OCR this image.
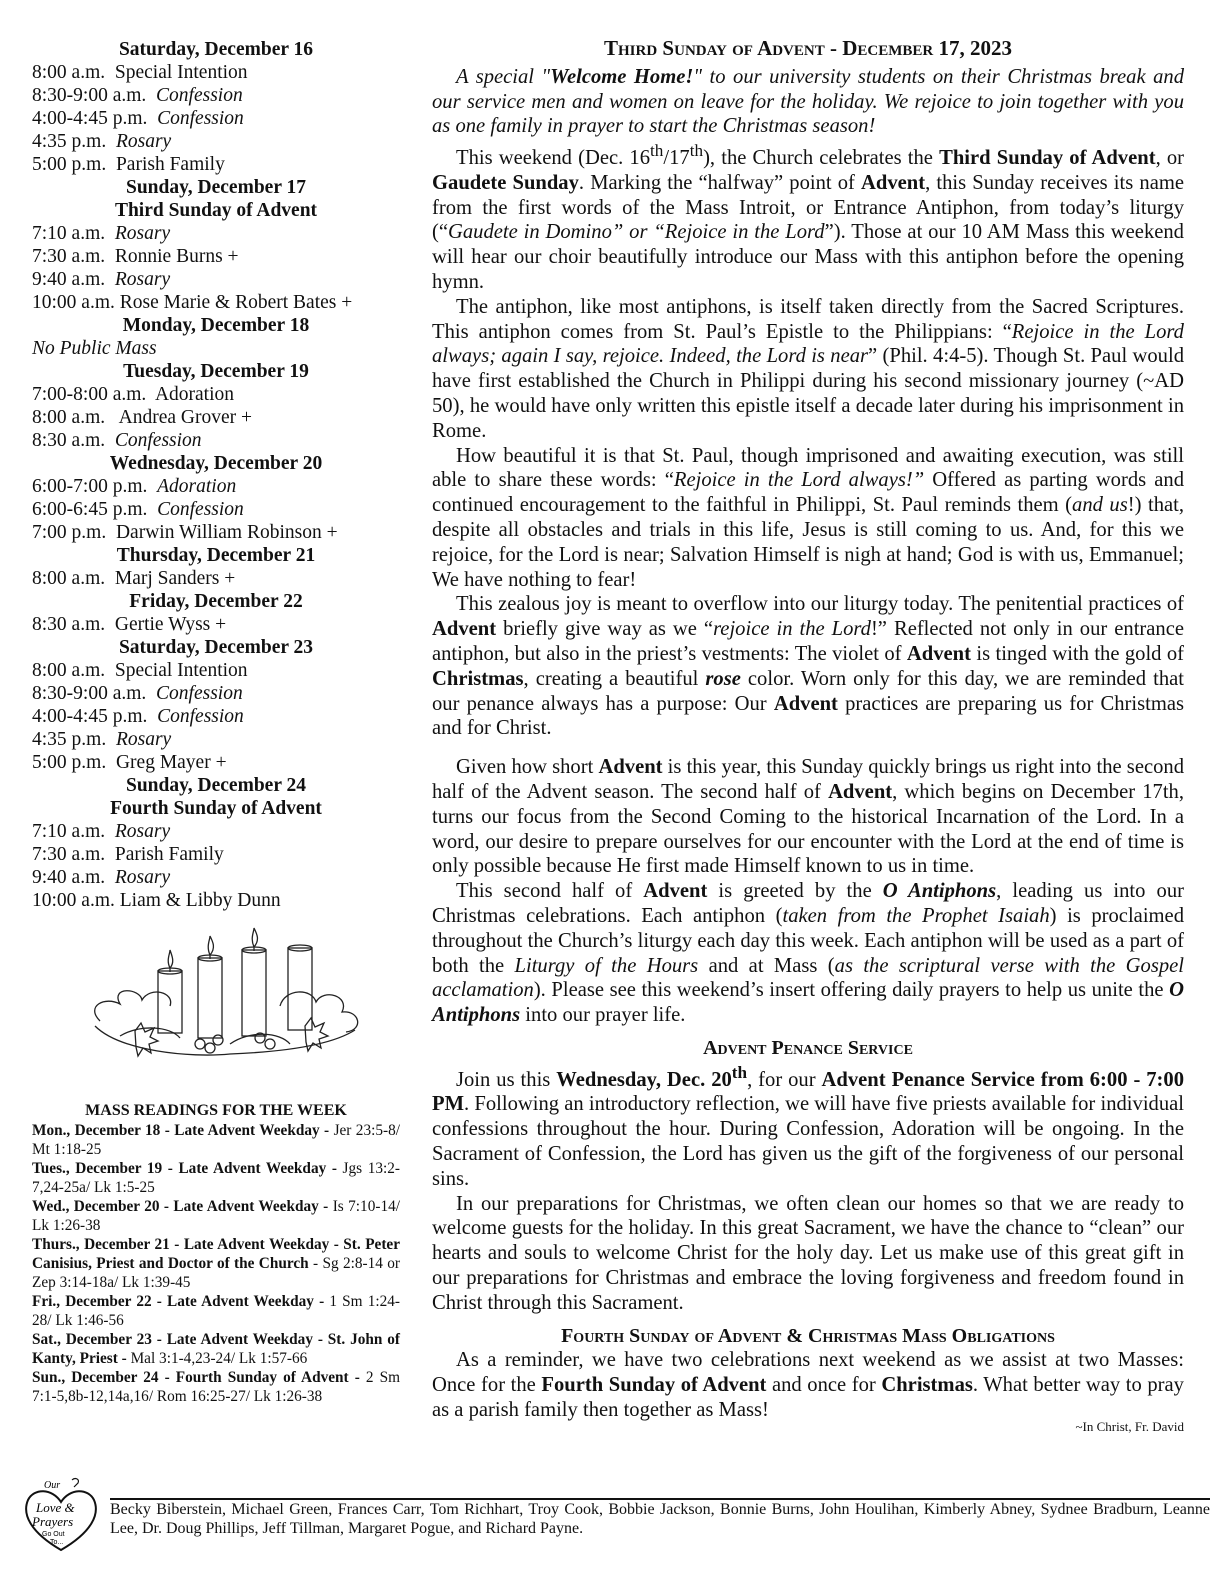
Saturday, December 16
8:00 a.m.  Special Intention
8:30-9:00 a.m.  Confession
4:00-4:45 p.m.  Confession
4:35 p.m.  Rosary
5:00 p.m.  Parish Family
Sunday, December 17
Third Sunday of Advent
7:10 a.m.  Rosary
7:30 a.m.  Ronnie Burns +
9:40 a.m.  Rosary
10:00 a.m. Rose Marie & Robert Bates +
Monday, December 18
No Public Mass
Tuesday, December 19
7:00-8:00 a.m.  Adoration
8:00 a.m.   Andrea Grover +
8:30 a.m.  Confession
Wednesday, December 20
6:00-7:00 p.m.  Adoration
6:00-6:45 p.m.  Confession
7:00 p.m.  Darwin William Robinson +
Thursday, December 21
8:00 a.m.  Marj Sanders +
Friday, December 22
8:30 a.m.  Gertie Wyss +
Saturday, December 23
8:00 a.m.  Special Intention
8:30-9:00 a.m.  Confession
4:00-4:45 p.m.  Confession
4:35 p.m.  Rosary
5:00 p.m.  Greg Mayer +
Sunday, December 24
Fourth Sunday of Advent
7:10 a.m.  Rosary
7:30 a.m.  Parish Family
9:40 a.m.  Rosary
10:00 a.m. Liam & Libby Dunn
MASS READINGS FOR THE WEEK
Mon., December 18 - Late Advent Weekday - Jer 23:5-8/ Mt 1:18-25
Tues., December 19 - Late Advent Weekday - Jgs 13:2-7,24-25a/ Lk 1:5-25
Wed., December 20 - Late Advent Weekday - Is 7:10-14/ Lk 1:26-38
Thurs., December 21 - Late Advent Weekday - St. Peter Canisius, Priest and Doctor of the Church - Sg 2:8-14 or Zep 3:14-18a/ Lk 1:39-45
Fri., December 22 - Late Advent Weekday - 1 Sm 1:24-28/ Lk 1:46-56
Sat., December 23 - Late Advent Weekday - St. John of Kanty, Priest - Mal 3:1-4,23-24/ Lk 1:57-66
Sun., December 24 - Fourth Sunday of Advent - 2 Sm 7:1-5,8b-12,14a,16/ Rom 16:25-27/ Lk 1:26-38
Third Sunday of Advent - December 17, 2023

A special "Welcome Home!" to our university students on their Christmas break and our service men and women on leave for the holiday. We rejoice to join together with you as one family in prayer to start the Christmas season!

This weekend (Dec. 16th/17th), the Church celebrates the Third Sunday of Advent, or Gaudete Sunday. Marking the “halfway” point of Advent, this Sunday receives its name from the first words of the Mass Introit, or Entrance Antiphon, from today’s liturgy (“Gaudete in Domino” or “Rejoice in the Lord”). Those at our 10 AM Mass this weekend will hear our choir beautifully introduce our Mass with this antiphon before the opening hymn.

The antiphon, like most antiphons, is itself taken directly from the Sacred Scriptures. This antiphon comes from St. Paul’s Epistle to the Philippians: “Rejoice in the Lord always; again I say, rejoice. Indeed, the Lord is near” (Phil. 4:4-5). Though St. Paul would have first established the Church in Philippi during his second missionary journey (~AD 50), he would have only written this epistle itself a decade later during his imprisonment in Rome.

How beautiful it is that St. Paul, though imprisoned and awaiting execution, was still able to share these words: “Rejoice in the Lord always!” Offered as parting words and continued encouragement to the faithful in Philippi, St. Paul reminds them (and us!) that, despite all obstacles and trials in this life, Jesus is still coming to us. And, for this we rejoice, for the Lord is near; Salvation Himself is nigh at hand; God is with us, Emmanuel; We have nothing to fear!

This zealous joy is meant to overflow into our liturgy today. The penitential practices of Advent briefly give way as we “rejoice in the Lord!” Reflected not only in our entrance antiphon, but also in the priest’s vestments: The violet of Advent is tinged with the gold of Christmas, creating a beautiful rose color. Worn only for this day, we are reminded that our penance always has a purpose: Our Advent practices are preparing us for Christmas and for Christ.

Given how short Advent is this year, this Sunday quickly brings us right into the second half of the Advent season. The second half of Advent, which begins on December 17th, turns our focus from the Second Coming to the historical Incarnation of the Lord. In a word, our desire to prepare ourselves for our encounter with the Lord at the end of time is only possible because He first made Himself known to us in time.

This second half of Advent is greeted by the O Antiphons, leading us into our Christmas celebrations. Each antiphon (taken from the Prophet Isaiah) is proclaimed throughout the Church’s liturgy each day this week. Each antiphon will be used as a part of both the Liturgy of the Hours and at Mass (as the scriptural verse with the Gospel acclamation). Please see this weekend’s insert offering daily prayers to help us unite the O Antiphons into our prayer life.

Advent Penance Service

Join us this Wednesday, Dec. 20th, for our Advent Penance Service from 6:00 - 7:00 PM. Following an introductory reflection, we will have five priests available for individual confessions throughout the hour. During Confession, Adoration will be ongoing. In the Sacrament of Confession, the Lord has given us the gift of the forgiveness of our personal sins.

In our preparations for Christmas, we often clean our homes so that we are ready to welcome guests for the holiday. In this great Sacrament, we have the chance to “clean” our hearts and souls to welcome Christ for the holy day. Let us make use of this great gift in our preparations for Christmas and embrace the loving forgiveness and freedom found in Christ through this Sacrament.

Fourth Sunday of Advent & Christmas Mass Obligations

As a reminder, we have two celebrations next weekend as we assist at two Masses: Once for the Fourth Sunday of Advent and once for Christmas. What better way to pray as a parish family then together as Mass!

~In Christ, Fr. David
Our
Love &
Prayers
Go Out
To...
Becky Biberstein, Michael Green, Frances Carr, Tom Richhart, Troy Cook, Bobbie Jackson, Bonnie Burns, John Houlihan, Kimberly Abney, Sydnee Bradburn, Leanne Lee, Dr. Doug Phillips, Jeff Tillman, Margaret Pogue, and Richard Payne.
